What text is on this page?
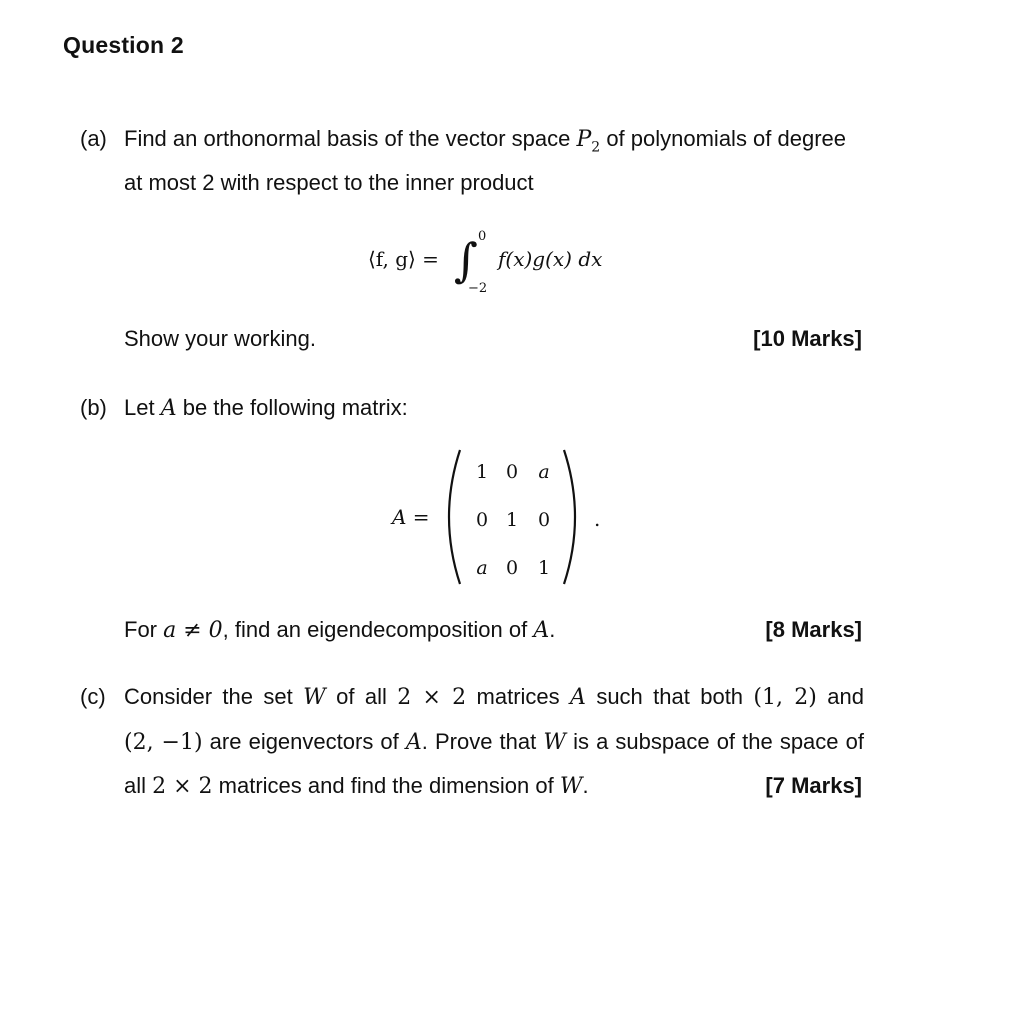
Question 2
(a) Find an orthonormal basis of the vector space $P_2$ of polynomials of degree
at most 2 with respect to the inner product
⟨f, g⟩ = ∫ 0
−2
f(x)g(x) dx
Show your working.	[10 Marks]
(b) Let A be the following matrix:
A =
1 0 a
0 1 0
a 0 1
.
For a ≠ 0, find an eigendecomposition of A.	[8 Marks]
(c) Consider the set W of all 2 × 2 matrices A such that both (1, 2) and
(2, −1) are eigenvectors of A. Prove that W is a subspace of the space of
all 2 × 2 matrices and find the dimension of W.	[7 Marks]
